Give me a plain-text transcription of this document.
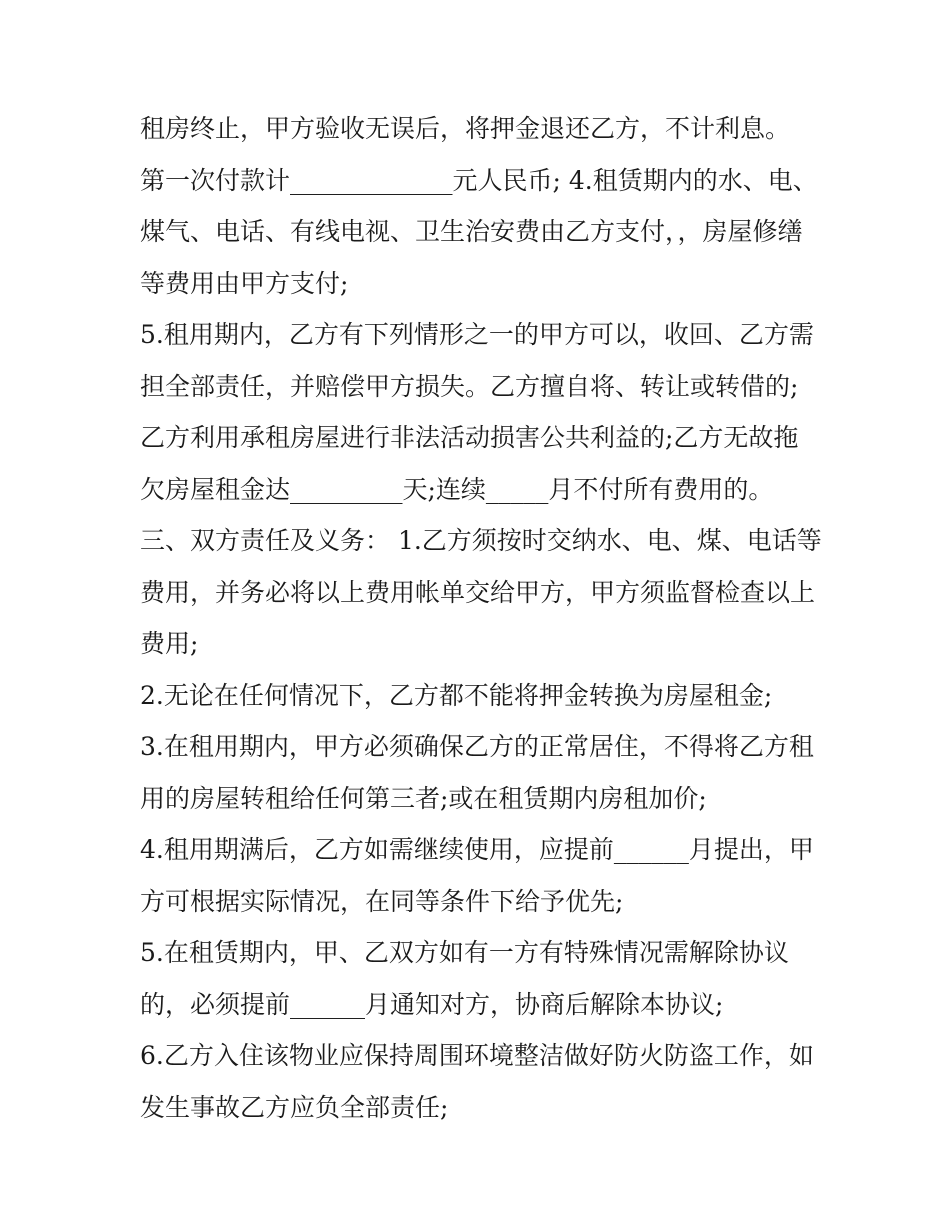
租房终止，甲方验收无误后，将押金退还乙方，不计利息。
第一次付款计_____________元人民币; 4.租赁期内的水、电、
煤气、电话、有线电视、卫生治安费由乙方支付，，房屋修缮
等费用由甲方支付;
5.租用期内，乙方有下列情形之一的甲方可以，收回、乙方需
担全部责任，并赔偿甲方损失。乙方擅自将、转让或转借的;
乙方利用承租房屋进行非法活动损害公共利益的;乙方无故拖
欠房屋租金达_________天;连续_____月不付所有费用的。
三、双方责任及义务： 1.乙方须按时交纳水、电、煤、电话等
费用，并务必将以上费用帐单交给甲方，甲方须监督检查以上
费用;
2.无论在任何情况下，乙方都不能将押金转换为房屋租金;
3.在租用期内，甲方必须确保乙方的正常居住，不得将乙方租
用的房屋转租给任何第三者;或在租赁期内房租加价;
4.租用期满后，乙方如需继续使用，应提前______月提出，甲
方可根据实际情况，在同等条件下给予优先;
5.在租赁期内，甲、乙双方如有一方有特殊情况需解除协议
的，必须提前______月通知对方，协商后解除本协议;
6.乙方入住该物业应保持周围环境整洁做好防火防盗工作，如
发生事故乙方应负全部责任;
